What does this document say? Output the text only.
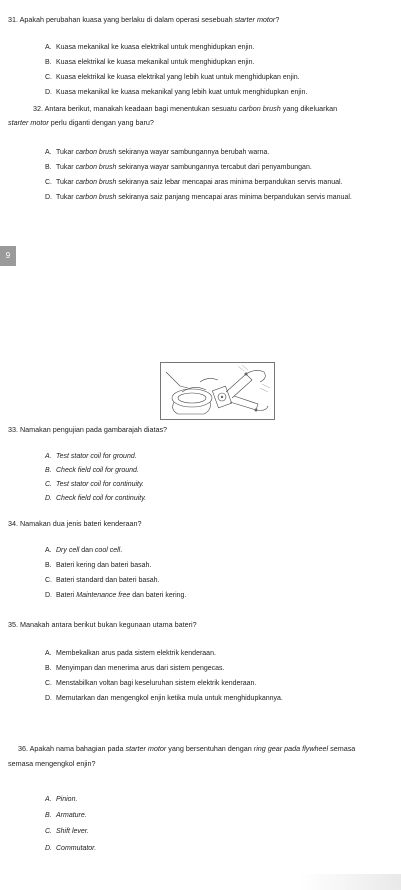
31. Apakah perubahan kuasa yang berlaku di dalam operasi sesebuah starter motor?
A. Kuasa mekanikal ke kuasa elektrikal untuk menghidupkan enjin.
B. Kuasa elektrikal ke kuasa mekanikal untuk menghidupkan enjin.
C. Kuasa elektrikal ke kuasa elektrikal yang lebih kuat untuk menghidupkan enjin.
D. Kuasa mekanikal ke kuasa mekanikal yang lebih kuat untuk menghidupkan enjin.
32. Antara berikut, manakah keadaan bagi menentukan sesuatu carbon brush yang dikeluarkan
starter motor perlu diganti dengan yang baru?
A. Tukar carbon brush sekiranya wayar sambungannya berubah warna.
B. Tukar carbon brush sekiranya wayar sambungannya tercabut dari penyambungan.
C. Tukar carbon brush sekiranya saiz lebar mencapai aras minima berpandukan servis manual.
D. Tukar carbon brush sekiranya saiz panjang mencapai aras minima berpandukan servis manual.
9
33. Namakan pengujian pada gambarajah diatas?
A. Test stator coil for ground.
B. Check field coil for ground.
C. Test stator coil for continuity.
D. Check field coil for continuity.
34. Namakan dua jenis bateri kenderaan?
A. Dry cell dan cool cell.
B. Bateri kering dan bateri basah.
C. Bateri standard dan bateri basah.
D. Bateri Maintenance free dan bateri kering.
35. Manakah antara berikut bukan kegunaan utama bateri?
A. Membekalkan arus pada sistem elektrik kenderaan.
B. Menyimpan dan menerima arus dari sistem pengecas.
C. Menstabilkan voltan bagi keseluruhan sistem elektrik kenderaan.
D. Memutarkan dan mengengkol enjin ketika mula untuk menghidupkannya.
36. Apakah nama bahagian pada starter motor yang bersentuhan dengan ring gear pada flywheel semasa
semasa mengengkol enjin?
A. Pinion.
B. Armature.
C. Shift lever.
D. Commutator.
